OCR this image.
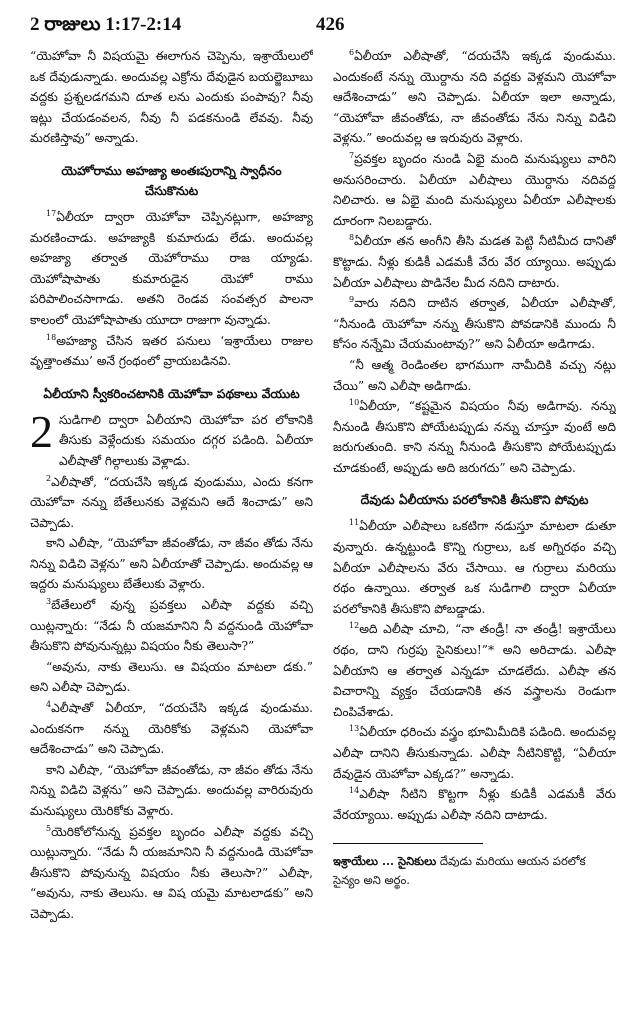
2 రాజులు 1:17-2:14	426

“యెహోవా నీ విషయమై ఈలాగున చెప్పెను, ఇశ్రాయేలులో ఒక దేవుడున్నాడు. అందువల్ల ఎక్రోను దేవుడైన బయల్జెబూబు వద్దకు ప్రశ్నలడగమని దూత లను ఎందుకు పంపావు? నీవు ఇట్లు చేయడంవలన, నీవు నీ పడకనుండి లేవవు. నీవు మరణిస్తావు” అన్నాడు.

యెహోరాము అహజ్యా అంతఃపురాన్ని స్వాధీనం చేసుకొనుట

$^{17}$ఏలీయా ద్వారా యెహోవా చెప్పినట్లుగా, అహజ్యా మరణించాడు. అహజ్యాకి కుమారుడు లేడు. అందువల్ల అహజ్యా తర్వాత యెహోరాము రాజ య్యాడు. యెహోషాపాతు కుమారుడైన యెహో రాము పరిపాలించసాగాడు. అతని రెండవ సంవత్సర పాలనా కాలంలో యెహోషాపాతు యూదా రాజుగా వున్నాడు.

$^{18}$అహజ్యా చేసిన ఇతర పనులు ‘ఇశ్రాయేలు రాజుల వృత్తాంతము’ అనే గ్రంథంలో వ్రాయబడినవి.

ఏలీయాని స్వీకరించటానికి యెహోవా పథకాలు వేయుట

2 సుడిగాలి ద్వారా ఏలీయాని యెహోవా పర లోకానికి తీసుకు వెళ్లేందుకు సమయం దగ్గర పడింది. ఏలీయా ఎలీషాతో గిల్గాలుకు వెళ్లాడు.

$^2$ఎలీషాతో, “దయచేసి ఇక్కడ వుండుము, ఎందు కనగా యెహోవా నన్ను బేతేలునకు వెళ్లమని ఆదే శించాడు” అని చెప్పాడు.

కాని ఎలీషా, “యెహోవా జీవంతోడు, నా జీవం తోడు నేను నిన్ను విడిచి వెళ్లను” అని ఏలీయాతో చెప్పాడు. అందువల్ల ఆ ఇద్దరు మనుష్యులు బేతేలుకు వెళ్లారు.

$^3$బేతేలులో వున్న ప్రవక్తలు ఎలీషా వద్దకు వచ్చి యిట్లన్నారు: “నేడు నీ యజమానిని నీ వద్దనుండి యెహోవా తీసుకొని పోవునున్నట్లు విషయం నీకు తెలుసా?”

“అవును, నాకు తెలుసు. ఆ విషయం మాటలా డకు.” అని ఎలీషా చెప్పాడు.

$^4$ఎలీషాతో ఏలీయా, “దయచేసి ఇక్కడ వుండుము. ఎందుకనగా నన్ను యెరికోకు వెళ్లమని యెహోవా ఆదేశించాడు” అని చెప్పాడు.

కాని ఎలీషా, “యెహోవా జీవంతోడు, నా జీవం తోడు నేను నిన్ను విడిచి వెళ్లను” అని చెప్పాడు. అందువల్ల వారిరువురు మనుష్యులు యెరికోకు వెళ్లారు.

$^5$యెరికోలోనున్న ప్రవక్తల బృందం ఎలీషా వద్దకు వచ్చి యిట్లున్నారు. “నేడు నీ యజమానిని నీ వద్దనుండి యెహోవా తీసుకొని పోవునున్న విషయం నీకు తెలుసా?” ఎలీషా, “అవును, నాకు తెలుసు. ఆ విష యమై మాటలాడకు” అని చెప్పాడు.

$^6$ఏలీయా ఎలీషాతో, “దయచేసి ఇక్కడ వుండుము. ఎందుకంటే నన్ను యొర్దాను నది వద్దకు వెళ్లమని యెహోవా ఆదేశించాడు” అని చెప్పాడు. ఏలీయా ఇలా అన్నాడు, “యెహోవా జీవంతోడు, నా జీవంతోడు నేను నిన్ను విడిచి వెళ్లను.” అందువల్ల ఆ ఇరువురు వెళ్లారు.

$^7$ప్రవక్తల బృందం నుండి ఏభై మంది మనుష్యులు వారిని అనుసరించారు. ఏలీయా ఎలీషాలు యొర్దాను నదివద్ద నిలిచారు. ఆ ఏభై మంది మనుష్యులు ఏలీయా ఎలీషాలకు దూరంగా నిలబడ్డారు.

$^8$ఏలీయా తన అంగీని తీసి మడత పెట్టి నీటిమీద దానితో కొట్టాడు. నీళ్లు కుడికీ ఎడమకీ వేరు వేర య్యాయి. అప్పుడు ఏలీయా ఎలీషాలు పొడినేల మీద నదిని దాటారు.

$^9$వారు నదిని దాటిన తర్వాత, ఏలీయా ఎలీషాతో, “నీనుండి యెహోవా నన్ను తీసుకొని పోవడానికి ముందు నీ కోసం నన్నేమి చేయమంటావు?” అని ఏలీయా అడిగాడు.

“నీ ఆత్మ రెండింతల భాగముగా నామీదికి వచ్చు నట్లు చేయి” అని ఎలీషా అడిగాడు.

$^{10}$ఏలీయా, “కష్టమైన విషయం నీవు అడిగావు. నన్ను నీనుండి తీసుకొని పోయేటప్పుడు నన్ను చూస్తూ వుంటే అది జరుగుతుంది. కాని నన్ను నీనుండి తీసుకొని పోయేటప్పుడు చూడకుంటే, అప్పుడు అది జరుగదు” అని చెప్పాడు.

దేవుడు ఏలీయాను పరలోకానికి తీసుకొని పోవుట

$^{11}$ఏలీయా ఎలీషాలు ఒకటిగా నడుస్తూ మాటలా డుతూ వున్నారు. ఉన్నట్టుండి కొన్ని గుర్రాలు, ఒక అగ్నిరథం వచ్చి ఏలీయా ఎలీషాలను వేరు చేసాయి. ఆ గుర్రాలు మరియు రథం ఉన్నాయి. తర్వాత ఒక సుడిగాలి ద్వారా ఏలీయా పరలోకానికి తీసుకొని పోబడ్డాడు.

$^{12}$అది ఎలీషా చూచి, “నా తండ్రీ! నా తండ్రీ! ఇశ్రాయేలు రథం, దాని గుర్రపు సైనికులు!”* అని అరిచాడు. ఎలీషా ఏలీయాని ఆ తర్వాత ఎన్నడూ చూడలేదు. ఎలీషా తన విచారాన్ని వ్యక్తం చేయడానికి తన వస్త్రాలను రెండుగా చింపివేశాడు.

$^{13}$ఏలీయా ధరించు వస్త్రం భూమిమీదికి పడింది. అందువల్ల ఎలీషా దానిని తీసుకున్నాడు. ఎలీషా నీటినికొట్టి, “ఏలీయా దేవుడైన యెహోవా ఎక్కడ?” అన్నాడు.

$^{14}$ఎలీషా నీటిని కొట్టగా నీళ్లు కుడికీ ఎడమకీ వేరు వేరయ్యాయి. అప్పుడు ఎలీషా నదిని దాటాడు.

ఇశ్రాయేలు ... సైనికులు దేవుడు మరియు ఆయన పరలోక సైన్యం అని అర్థం.
